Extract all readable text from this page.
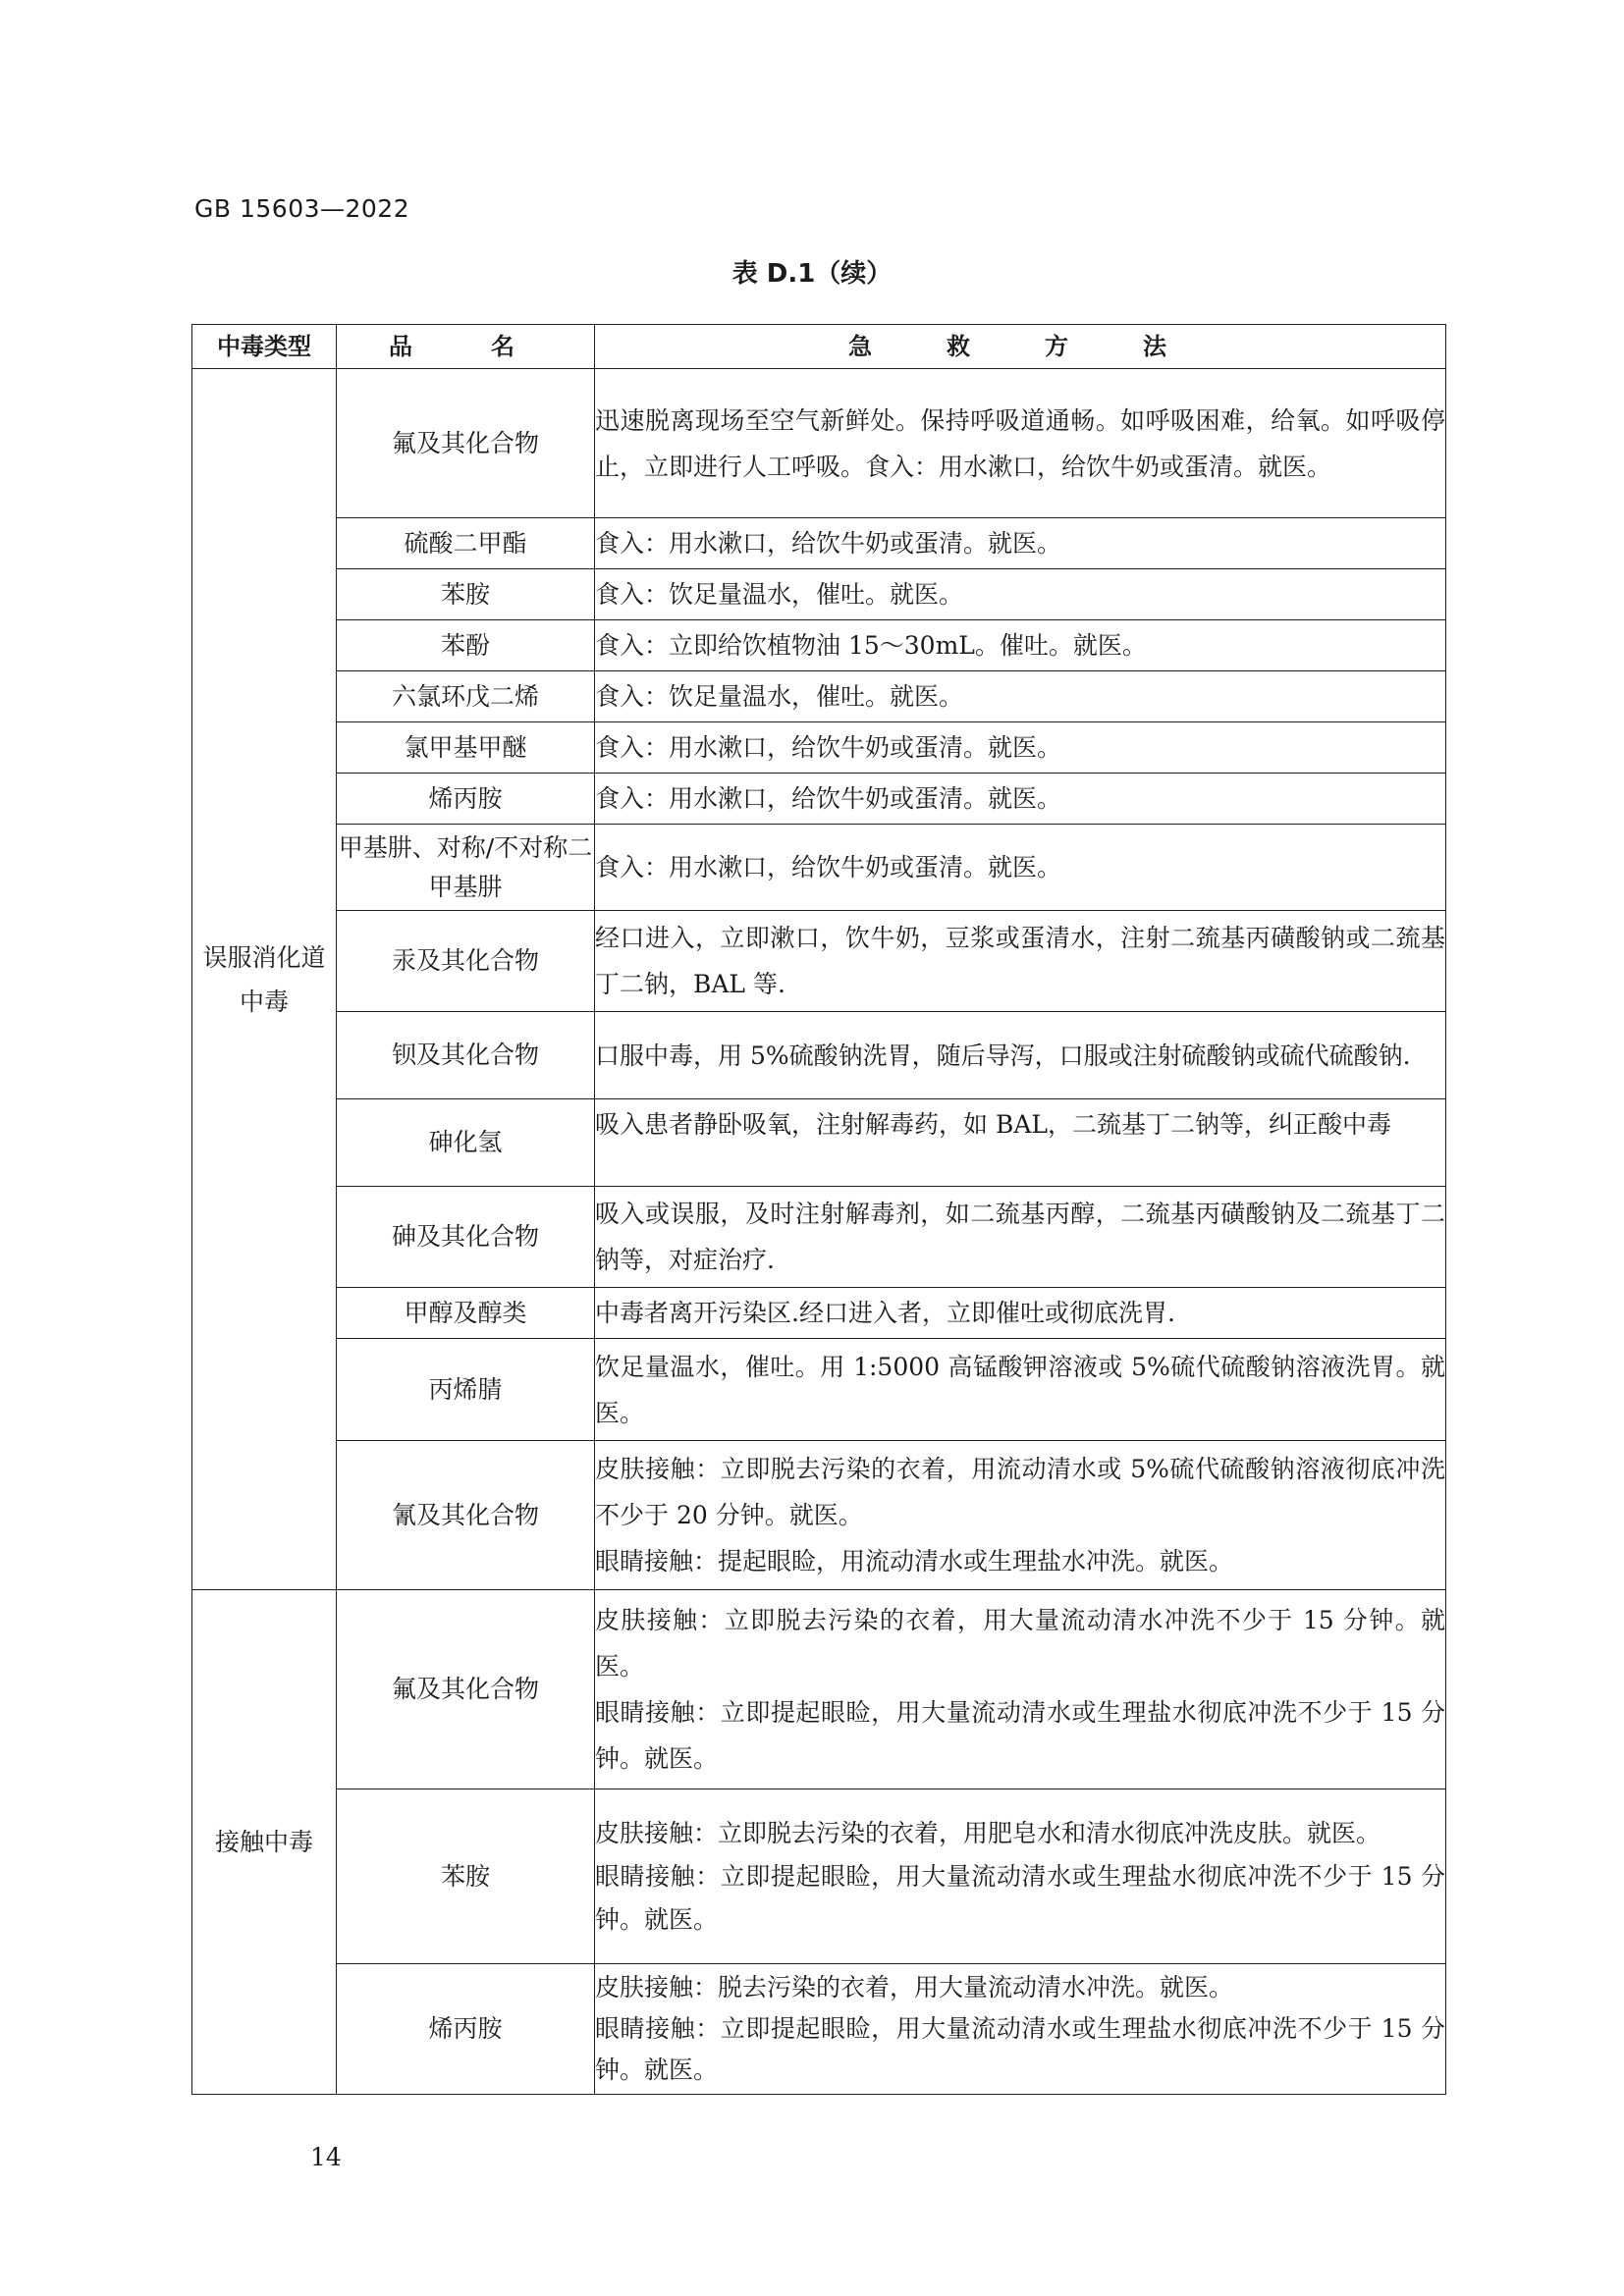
GB 15603—2022
表 D.1（续）
中毒类型	品　名	急　救　方　法
误服消化道中毒	氟及其化合物	迅速脱离现场至空气新鲜处。保持呼吸道通畅。如呼吸困难，给氧。如呼吸停止，立即进行人工呼吸。食入：用水漱口，给饮牛奶或蛋清。就医。
	硫酸二甲酯	食入：用水漱口，给饮牛奶或蛋清。就医。
	苯胺	食入：饮足量温水，催吐。就医。
	苯酚	食入：立即给饮植物油 15～30mL。催吐。就医。
	六氯环戊二烯	食入：饮足量温水，催吐。就医。
	氯甲基甲醚	食入：用水漱口，给饮牛奶或蛋清。就医。
	烯丙胺	食入：用水漱口，给饮牛奶或蛋清。就医。
	甲基肼、对称/不对称二甲基肼	食入：用水漱口，给饮牛奶或蛋清。就医。
	汞及其化合物	经口进入，立即漱口，饮牛奶，豆浆或蛋清水，注射二巯基丙磺酸钠或二巯基丁二钠，BAL 等.
	钡及其化合物	口服中毒，用 5%硫酸钠洗胃，随后导泻，口服或注射硫酸钠或硫代硫酸钠.
	砷化氢	吸入患者静卧吸氧，注射解毒药，如 BAL，二巯基丁二钠等，纠正酸中毒
	砷及其化合物	吸入或误服，及时注射解毒剂，如二巯基丙醇，二巯基丙磺酸钠及二巯基丁二钠等，对症治疗.
	甲醇及醇类	中毒者离开污染区.经口进入者，立即催吐或彻底洗胃.
	丙烯腈	饮足量温水，催吐。用 1:5000 高锰酸钾溶液或 5%硫代硫酸钠溶液洗胃。就医。
	氰及其化合物	皮肤接触：立即脱去污染的衣着，用流动清水或 5%硫代硫酸钠溶液彻底冲洗不少于 20 分钟。就医。
眼睛接触：提起眼睑，用流动清水或生理盐水冲洗。就医。

接触中毒	氟及其化合物	皮肤接触：立即脱去污染的衣着，用大量流动清水冲洗不少于 15 分钟。就医。
眼睛接触：立即提起眼睑，用大量流动清水或生理盐水彻底冲洗不少于 15 分钟。就医。

	苯胺	皮肤接触：立即脱去污染的衣着，用肥皂水和清水彻底冲洗皮肤。就医。
眼睛接触：立即提起眼睑，用大量流动清水或生理盐水彻底冲洗不少于 15 分钟。就医。

	烯丙胺	皮肤接触：脱去污染的衣着，用大量流动清水冲洗。就医。
眼睛接触：立即提起眼睑，用大量流动清水或生理盐水彻底冲洗不少于 15 分钟。就医。
14
